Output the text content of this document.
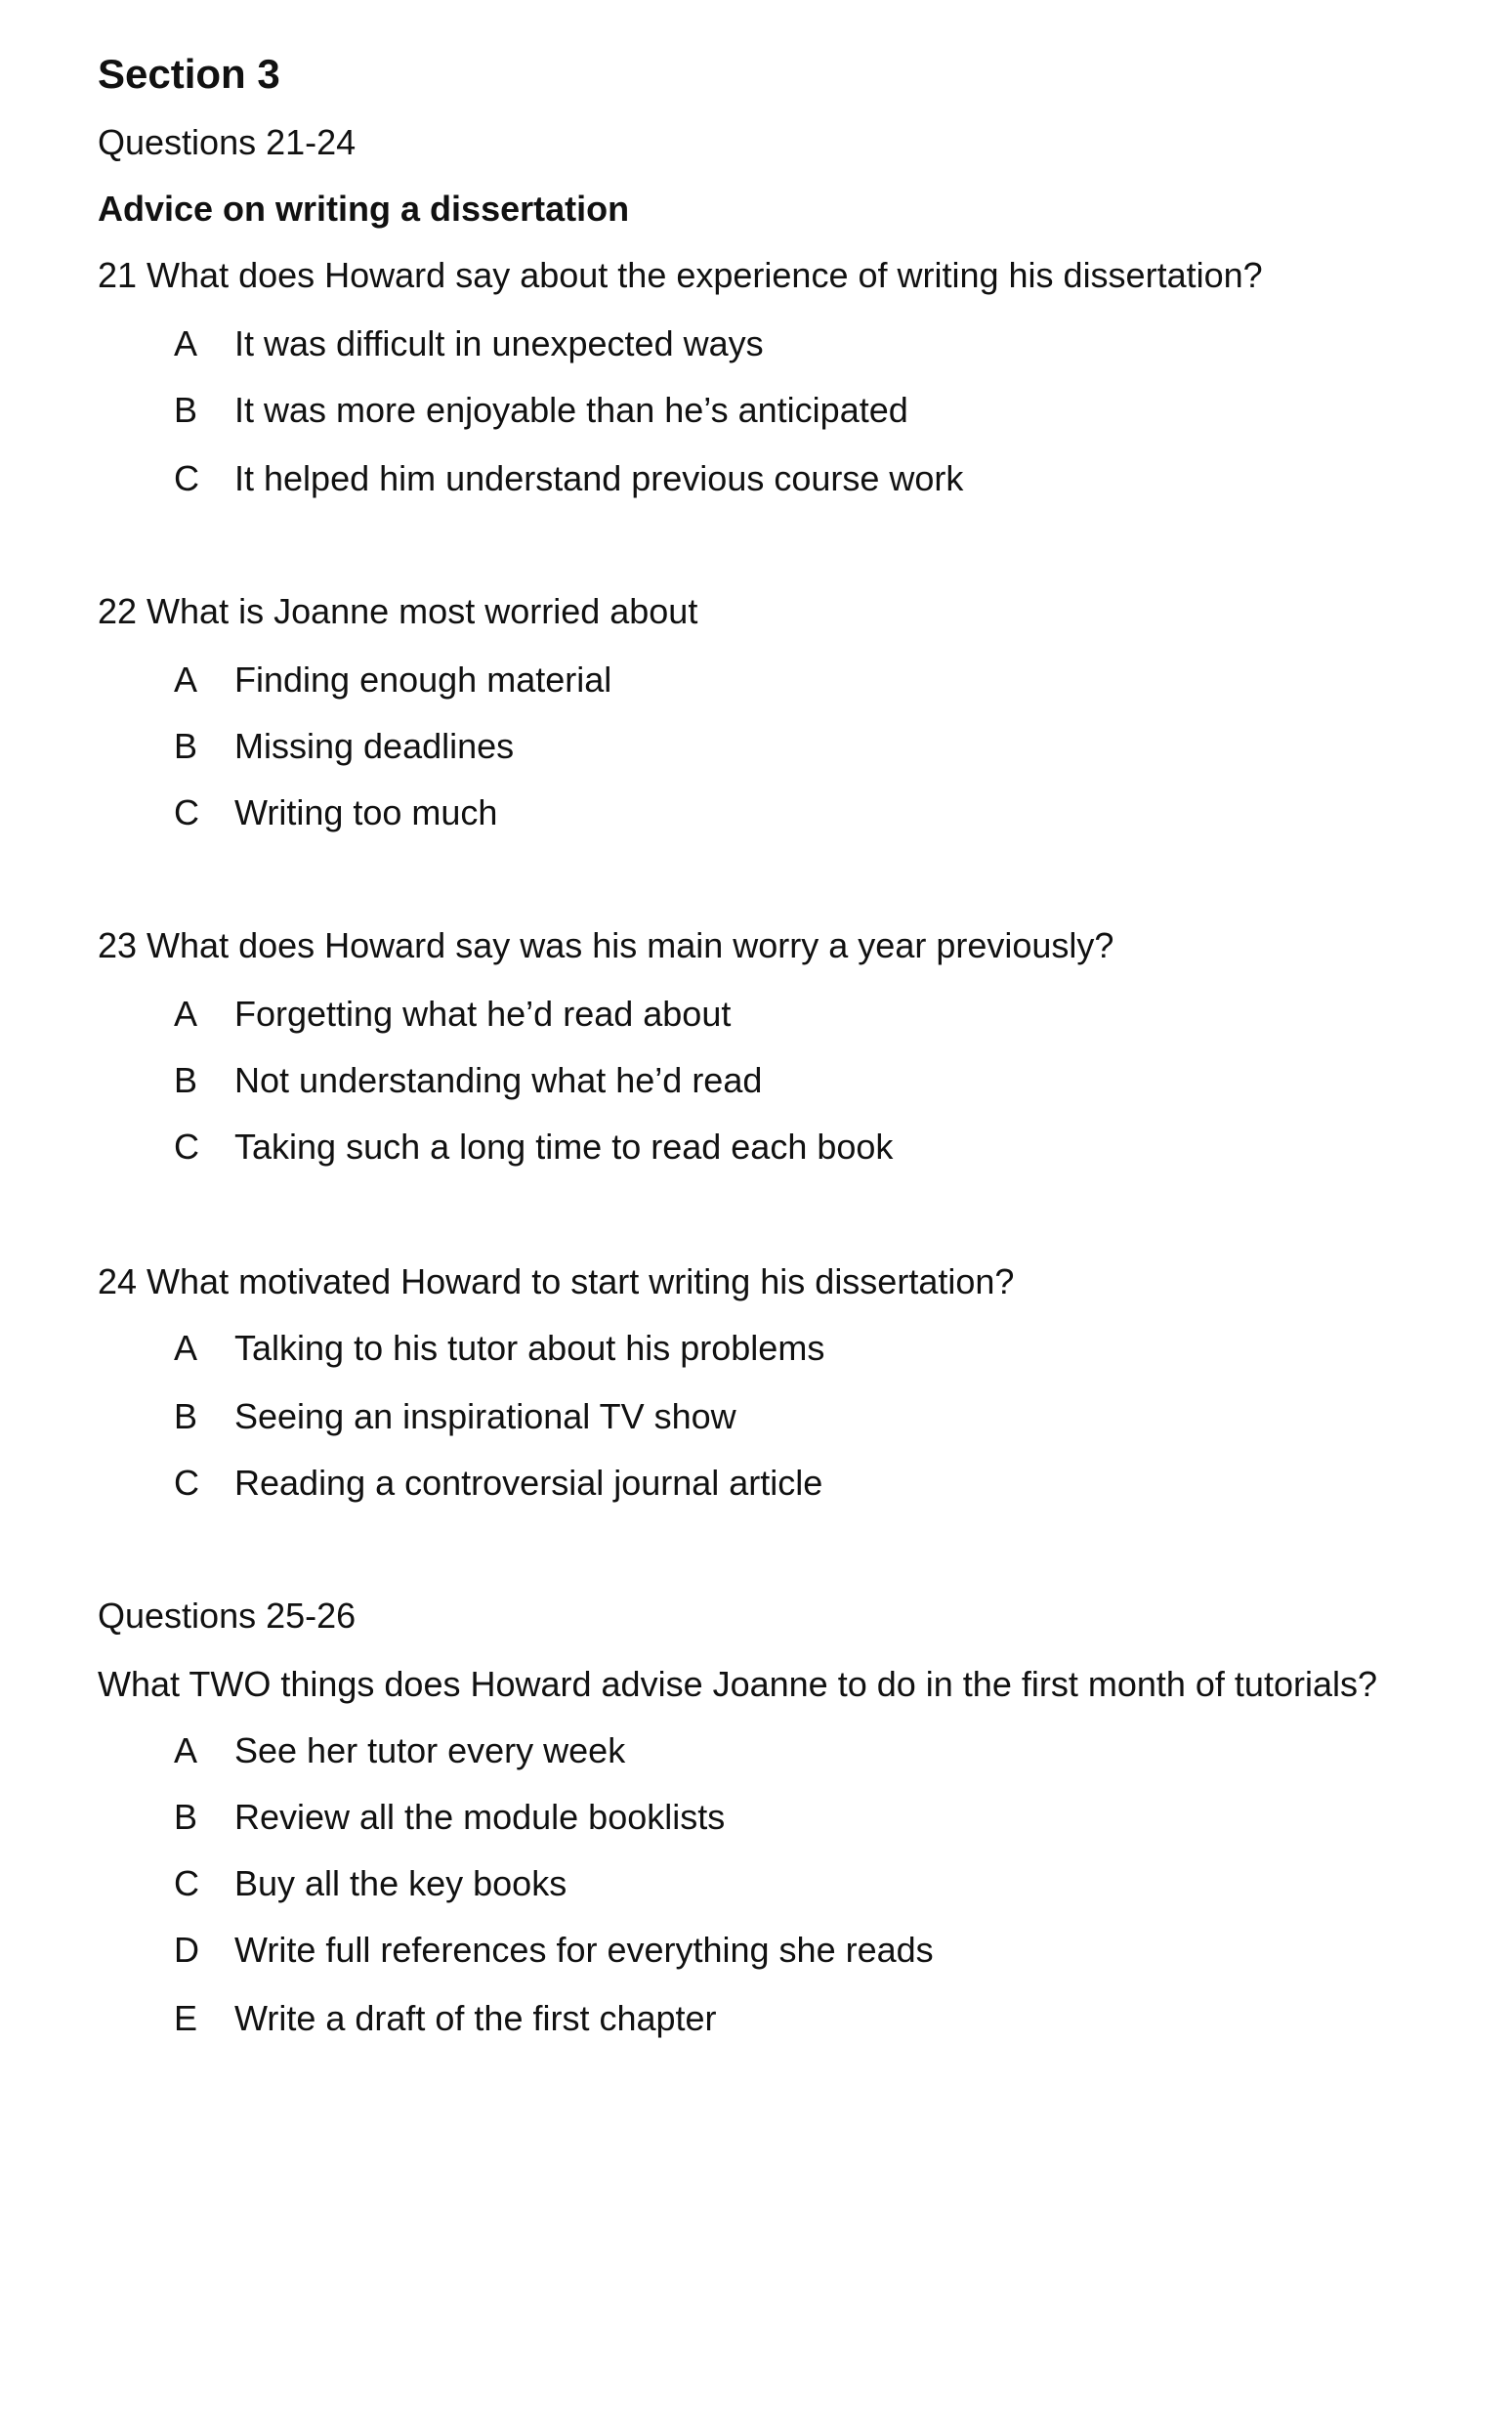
Section 3
Questions 21-24
Advice on writing a dissertation
21 What does Howard say about the experience of writing his dissertation?
A It was difficult in unexpected ways
B It was more enjoyable than he’s anticipated
C It helped him understand previous course work
22 What is Joanne most worried about
A Finding enough material
B Missing deadlines
C Writing too much
23 What does Howard say was his main worry a year previously?
A Forgetting what he’d read about
B Not understanding what he’d read
C Taking such a long time to read each book
24 What motivated Howard to start writing his dissertation?
A Talking to his tutor about his problems
B Seeing an inspirational TV show
C Reading a controversial journal article
Questions 25-26
What TWO things does Howard advise Joanne to do in the first month of tutorials?
A See her tutor every week
B Review all the module booklists
C Buy all the key books
D Write full references for everything she reads
E Write a draft of the first chapter
